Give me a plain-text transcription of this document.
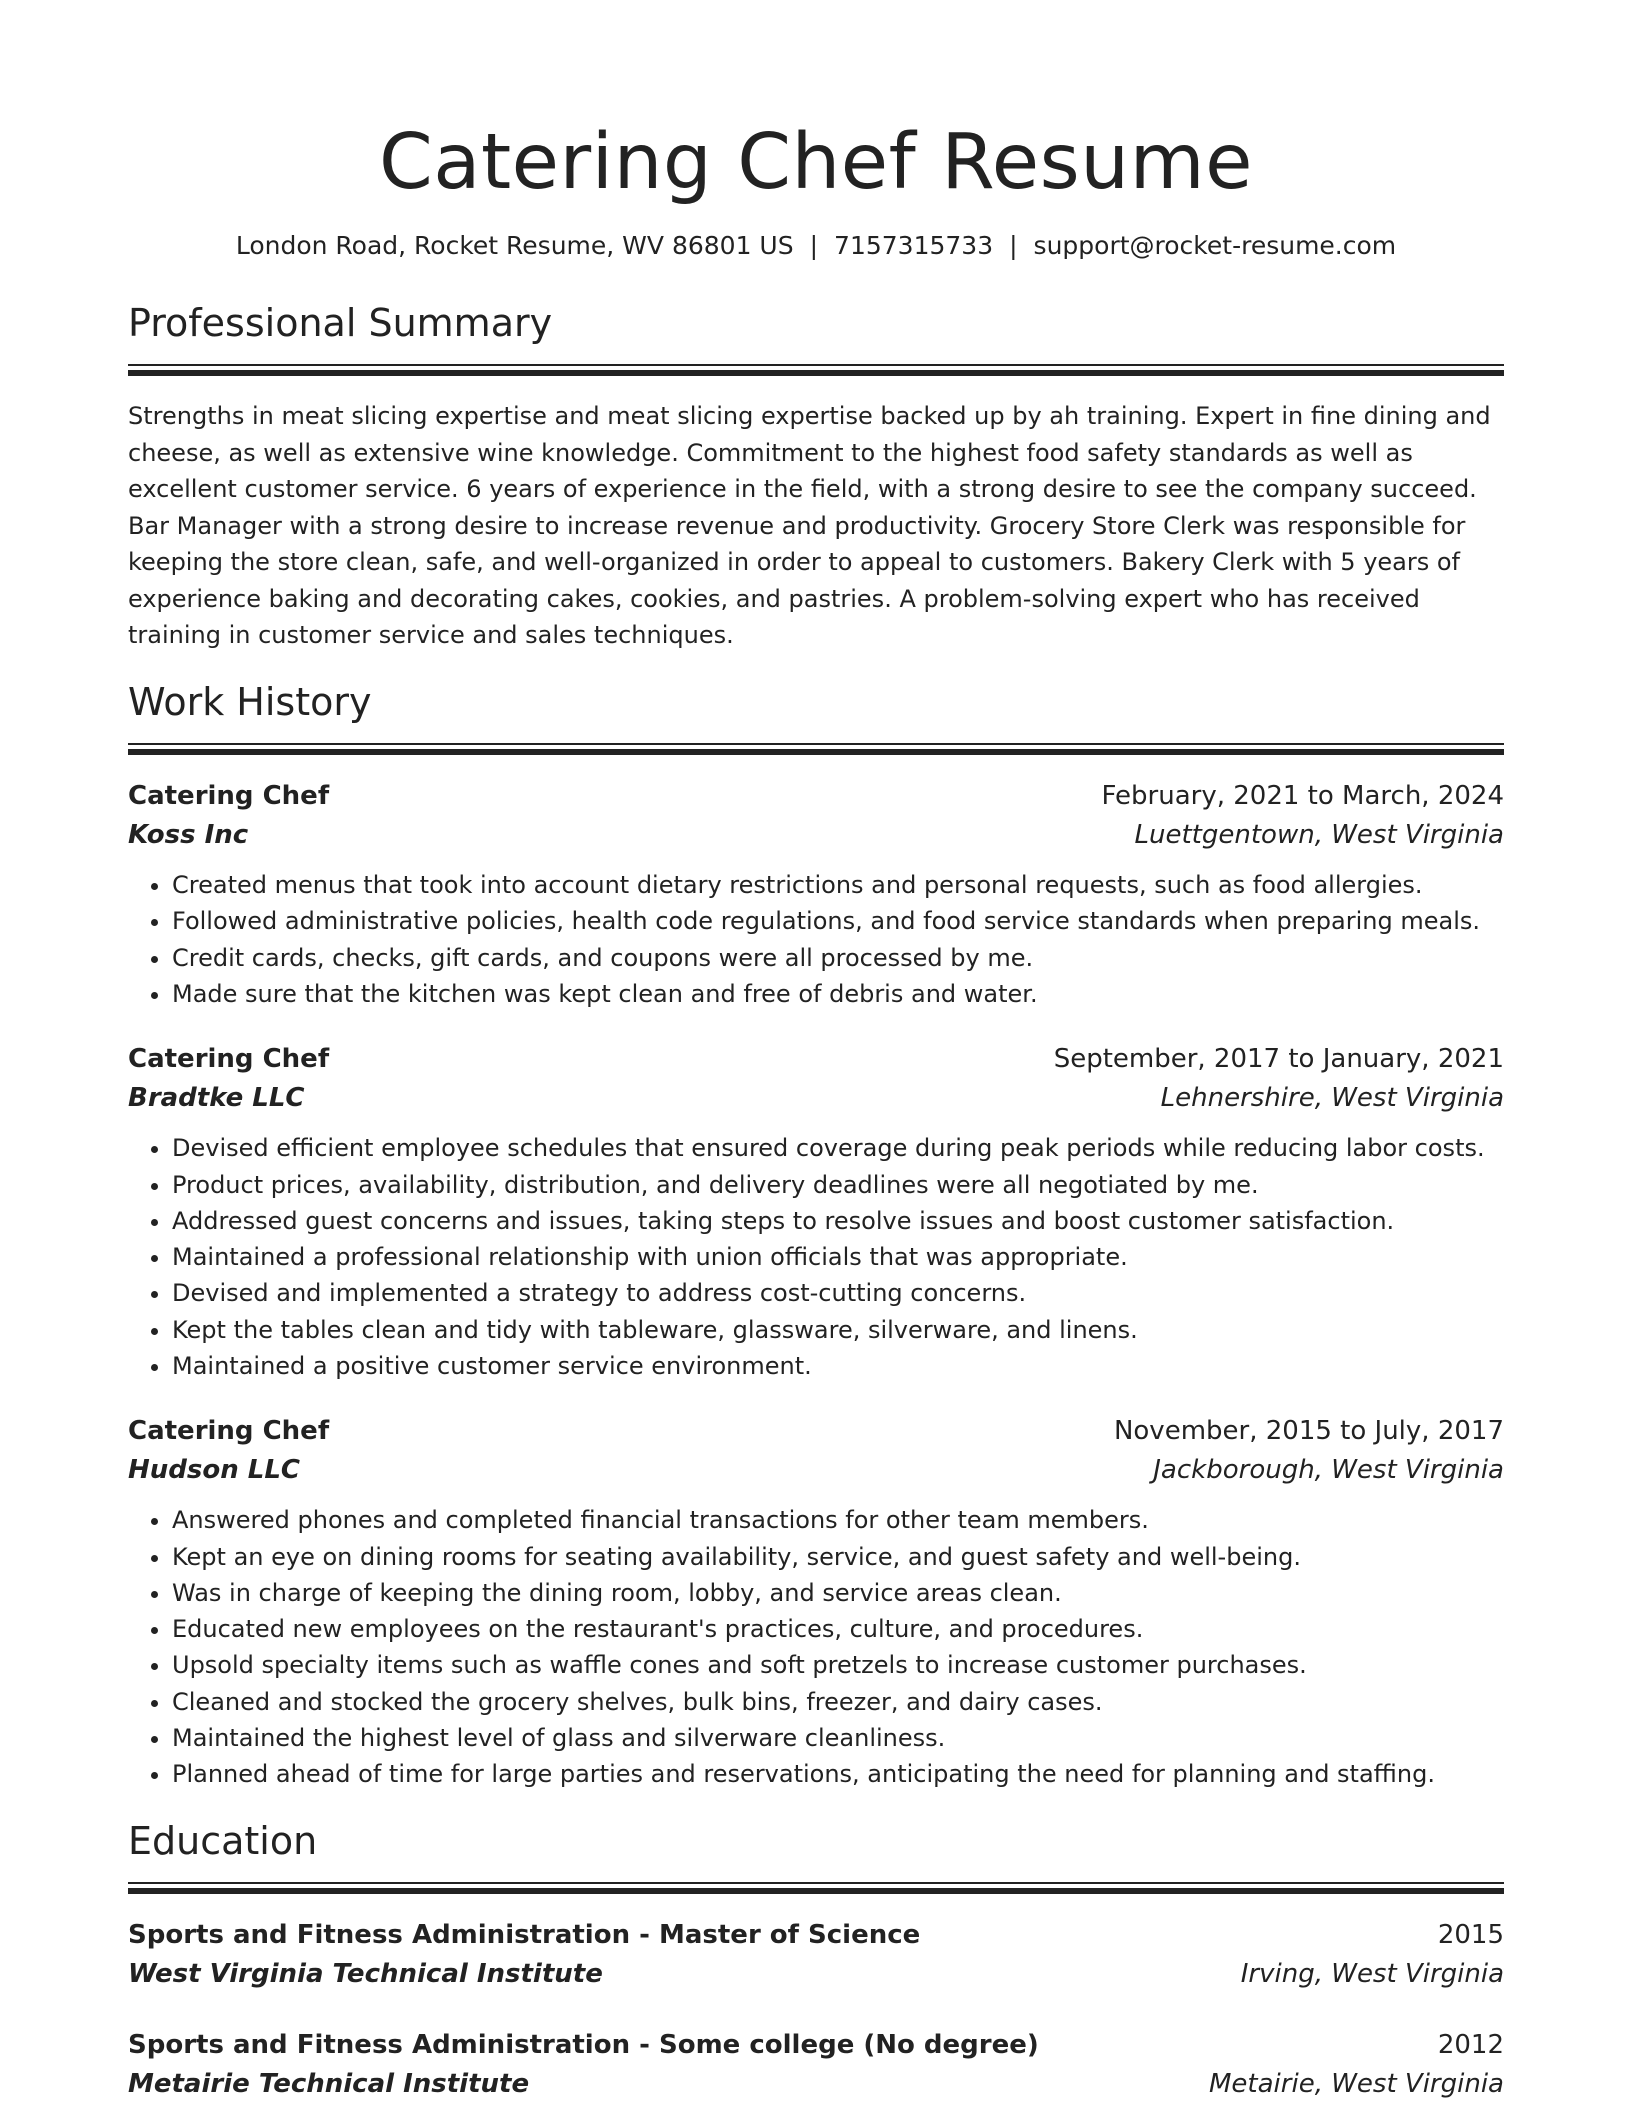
Catering Chef Resume
London Road, Rocket Resume, WV 86801 US | 7157315733 | support@rocket-resume.com
Professional Summary

Strengths in meat slicing expertise and meat slicing expertise backed up by ah training. Expert in fine dining and cheese, as well as extensive wine knowledge. Commitment to the highest food safety standards as well as excellent customer service. 6 years of experience in the field, with a strong desire to see the company succeed. Bar Manager with a strong desire to increase revenue and productivity. Grocery Store Clerk was responsible for keeping the store clean, safe, and well-organized in order to appeal to customers. Bakery Clerk with 5 years of experience baking and decorating cakes, cookies, and pastries. A problem-solving expert who has received training in customer service and sales techniques.

Work History
Catering Chef	February, 2021 to March, 2024
Koss Inc	Luettgentown, West Virginia
• Created menus that took into account dietary restrictions and personal requests, such as food allergies.
• Followed administrative policies, health code regulations, and food service standards when preparing meals.
• Credit cards, checks, gift cards, and coupons were all processed by me.
• Made sure that the kitchen was kept clean and free of debris and water.
Catering Chef	September, 2017 to January, 2021
Bradtke LLC	Lehnershire, West Virginia
• Devised efficient employee schedules that ensured coverage during peak periods while reducing labor costs.
• Product prices, availability, distribution, and delivery deadlines were all negotiated by me.
• Addressed guest concerns and issues, taking steps to resolve issues and boost customer satisfaction.
• Maintained a professional relationship with union officials that was appropriate.
• Devised and implemented a strategy to address cost-cutting concerns.
• Kept the tables clean and tidy with tableware, glassware, silverware, and linens.
• Maintained a positive customer service environment.
Catering Chef	November, 2015 to July, 2017
Hudson LLC	Jackborough, West Virginia
• Answered phones and completed financial transactions for other team members.
• Kept an eye on dining rooms for seating availability, service, and guest safety and well-being.
• Was in charge of keeping the dining room, lobby, and service areas clean.
• Educated new employees on the restaurant's practices, culture, and procedures.
• Upsold specialty items such as waffle cones and soft pretzels to increase customer purchases.
• Cleaned and stocked the grocery shelves, bulk bins, freezer, and dairy cases.
• Maintained the highest level of glass and silverware cleanliness.
• Planned ahead of time for large parties and reservations, anticipating the need for planning and staffing.
Education
Sports and Fitness Administration - Master of Science	2015
West Virginia Technical Institute	Irving, West Virginia
Sports and Fitness Administration - Some college (No degree)	2012
Metairie Technical Institute	Metairie, West Virginia
